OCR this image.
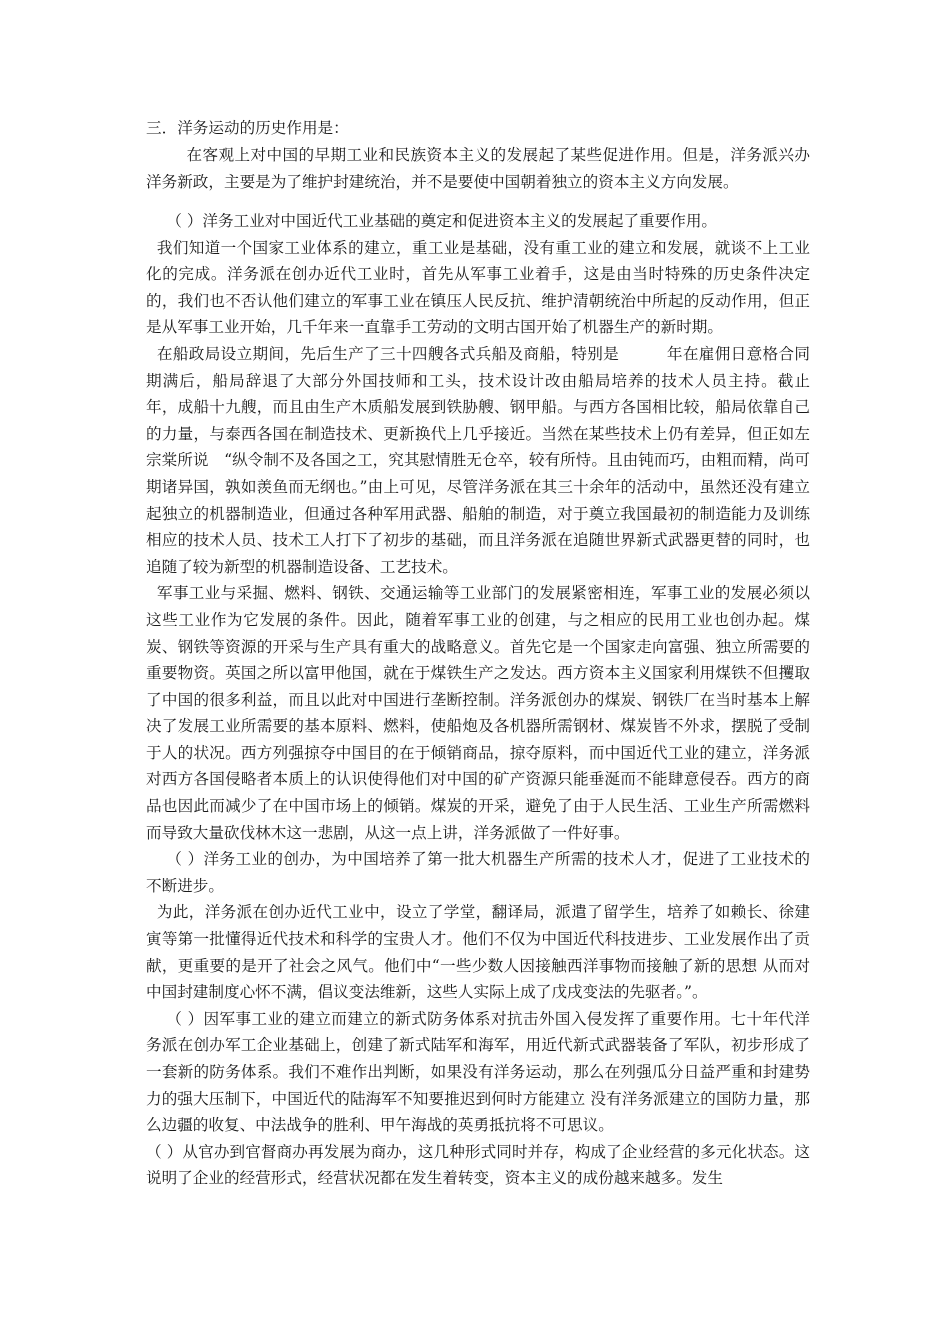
三．洋务运动的历史作用是：

在客观上对中国的早期工业和民族资本主义的发展起了某些促进作用。但是，洋务派兴办洋务新政，主要是为了维护封建统治，并不是要使中国朝着独立的资本主义方向发展。

（ ）洋务工业对中国近代工业基础的奠定和促进资本主义的发展起了重要作用。

我们知道一个国家工业体系的建立，重工业是基础，没有重工业的建立和发展，就谈不上工业化的完成。洋务派在创办近代工业时，首先从军事工业着手，这是由当时特殊的历史条件决定的，我们也不否认他们建立的军事工业在镇压人民反抗、维护清朝统治中所起的反动作用，但正是从军事工业开始，几千年来一直靠手工劳动的文明古国开始了机器生产的新时期。

在船政局设立期间，先后生产了三十四艘各式兵船及商船，特别是　　　年在雇佣日意格合同期满后，船局辞退了大部分外国技师和工头，技术设计改由船局培养的技术人员主持。截止　　　年，成船十九艘，而且由生产木质船发展到铁胁艘、钢甲船。与西方各国相比较，船局依靠自己的力量，与泰西各国在制造技术、更新换代上几乎接近。当然在某些技术上仍有差异，但正如左宗棠所说　“纵令制不及各国之工，究其慰情胜无仓卒，较有所恃。且由钝而巧，由粗而精，尚可期诸异国，孰如羡鱼而无纲也。”由上可见，尽管洋务派在其三十余年的活动中，虽然还没有建立起独立的机器制造业，但通过各种军用武器、船舶的制造，对于奠立我国最初的制造能力及训练相应的技术人员、技术工人打下了初步的基础，而且洋务派在追随世界新式武器更替的同时，也追随了较为新型的机器制造设备、工艺技术。

军事工业与采掘、燃料、钢铁、交通运输等工业部门的发展紧密相连，军事工业的发展必须以这些工业作为它发展的条件。因此，随着军事工业的创建，与之相应的民用工业也创办起。煤炭、钢铁等资源的开采与生产具有重大的战略意义。首先它是一个国家走向富强、独立所需要的重要物资。英国之所以富甲他国，就在于煤铁生产之发达。西方资本主义国家利用煤铁不但攫取了中国的很多利益，而且以此对中国进行垄断控制。洋务派创办的煤炭、钢铁厂在当时基本上解决了发展工业所需要的基本原料、燃料，使船炮及各机器所需钢材、煤炭皆不外求，摆脱了受制于人的状况。西方列强掠夺中国目的在于倾销商品，掠夺原料，而中国近代工业的建立，洋务派对西方各国侵略者本质上的认识使得他们对中国的矿产资源只能垂涎而不能肆意侵吞。西方的商品也因此而减少了在中国市场上的倾销。煤炭的开采，避免了由于人民生活、工业生产所需燃料而导致大量砍伐林木这一悲剧，从这一点上讲，洋务派做了一件好事。

（ ）洋务工业的创办，为中国培养了第一批大机器生产所需的技术人才，促进了工业技术的不断进步。

为此，洋务派在创办近代工业中，设立了学堂，翻译局，派遣了留学生，培养了如赖长、徐建寅等第一批懂得近代技术和科学的宝贵人才。他们不仅为中国近代科技进步、工业发展作出了贡献，更重要的是开了社会之风气。他们中“一些少数人因接触西洋事物而接触了新的思想 从而对中国封建制度心怀不满，倡议变法维新，这些人实际上成了戊戌变法的先驱者。”。

（ ）因军事工业的建立而建立的新式防务体系对抗击外国入侵发挥了重要作用。七十年代洋务派在创办军工企业基础上，创建了新式陆军和海军，用近代新式武器装备了军队，初步形成了一套新的防务体系。我们不难作出判断，如果没有洋务运动，那么在列强瓜分日益严重和封建势力的强大压制下，中国近代的陆海军不知要推迟到何时方能建立 没有洋务派建立的国防力量，那么边疆的收复、中法战争的胜利、甲午海战的英勇抵抗将不可思议。

（ ）从官办到官督商办再发展为商办，这几种形式同时并存，构成了企业经营的多元化状态。这说明了企业的经营形式，经营状况都在发生着转变，资本主义的成份越来越多。发生
